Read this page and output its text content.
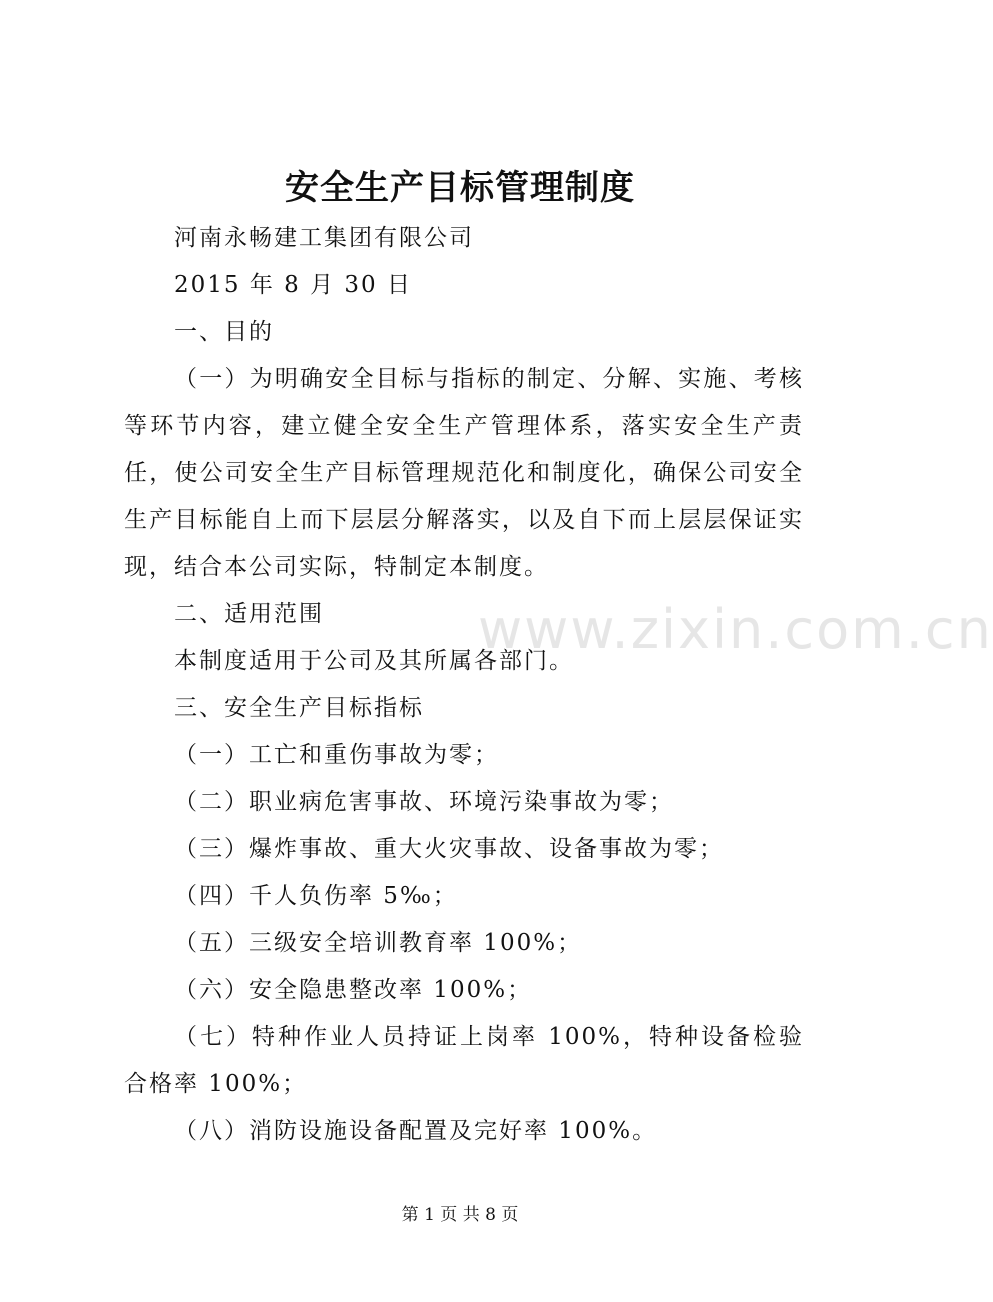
安全生产目标管理制度

河南永畅建工集团有限公司

2015 年 8 月 30 日

一、目的

（一）为明确安全目标与指标的制定、分解、实施、考核等环节内容，建立健全安全生产管理体系，落实安全生产责任，使公司安全生产目标管理规范化和制度化，确保公司安全生产目标能自上而下层层分解落实，以及自下而上层层保证实现，结合本公司实际，特制定本制度。

二、适用范围

本制度适用于公司及其所属各部门。

三、安全生产目标指标

（一）工亡和重伤事故为零；

（二）职业病危害事故、环境污染事故为零；

（三）爆炸事故、重大火灾事故、设备事故为零；

（四）千人负伤率 5‰；

（五）三级安全培训教育率 100%；

（六）安全隐患整改率 100%；

（七）特种作业人员持证上岗率 100%，特种设备检验合格率 100%；

（八）消防设施设备配置及完好率 100%。

www.zixin.com.cn
第 1 页 共 8 页
